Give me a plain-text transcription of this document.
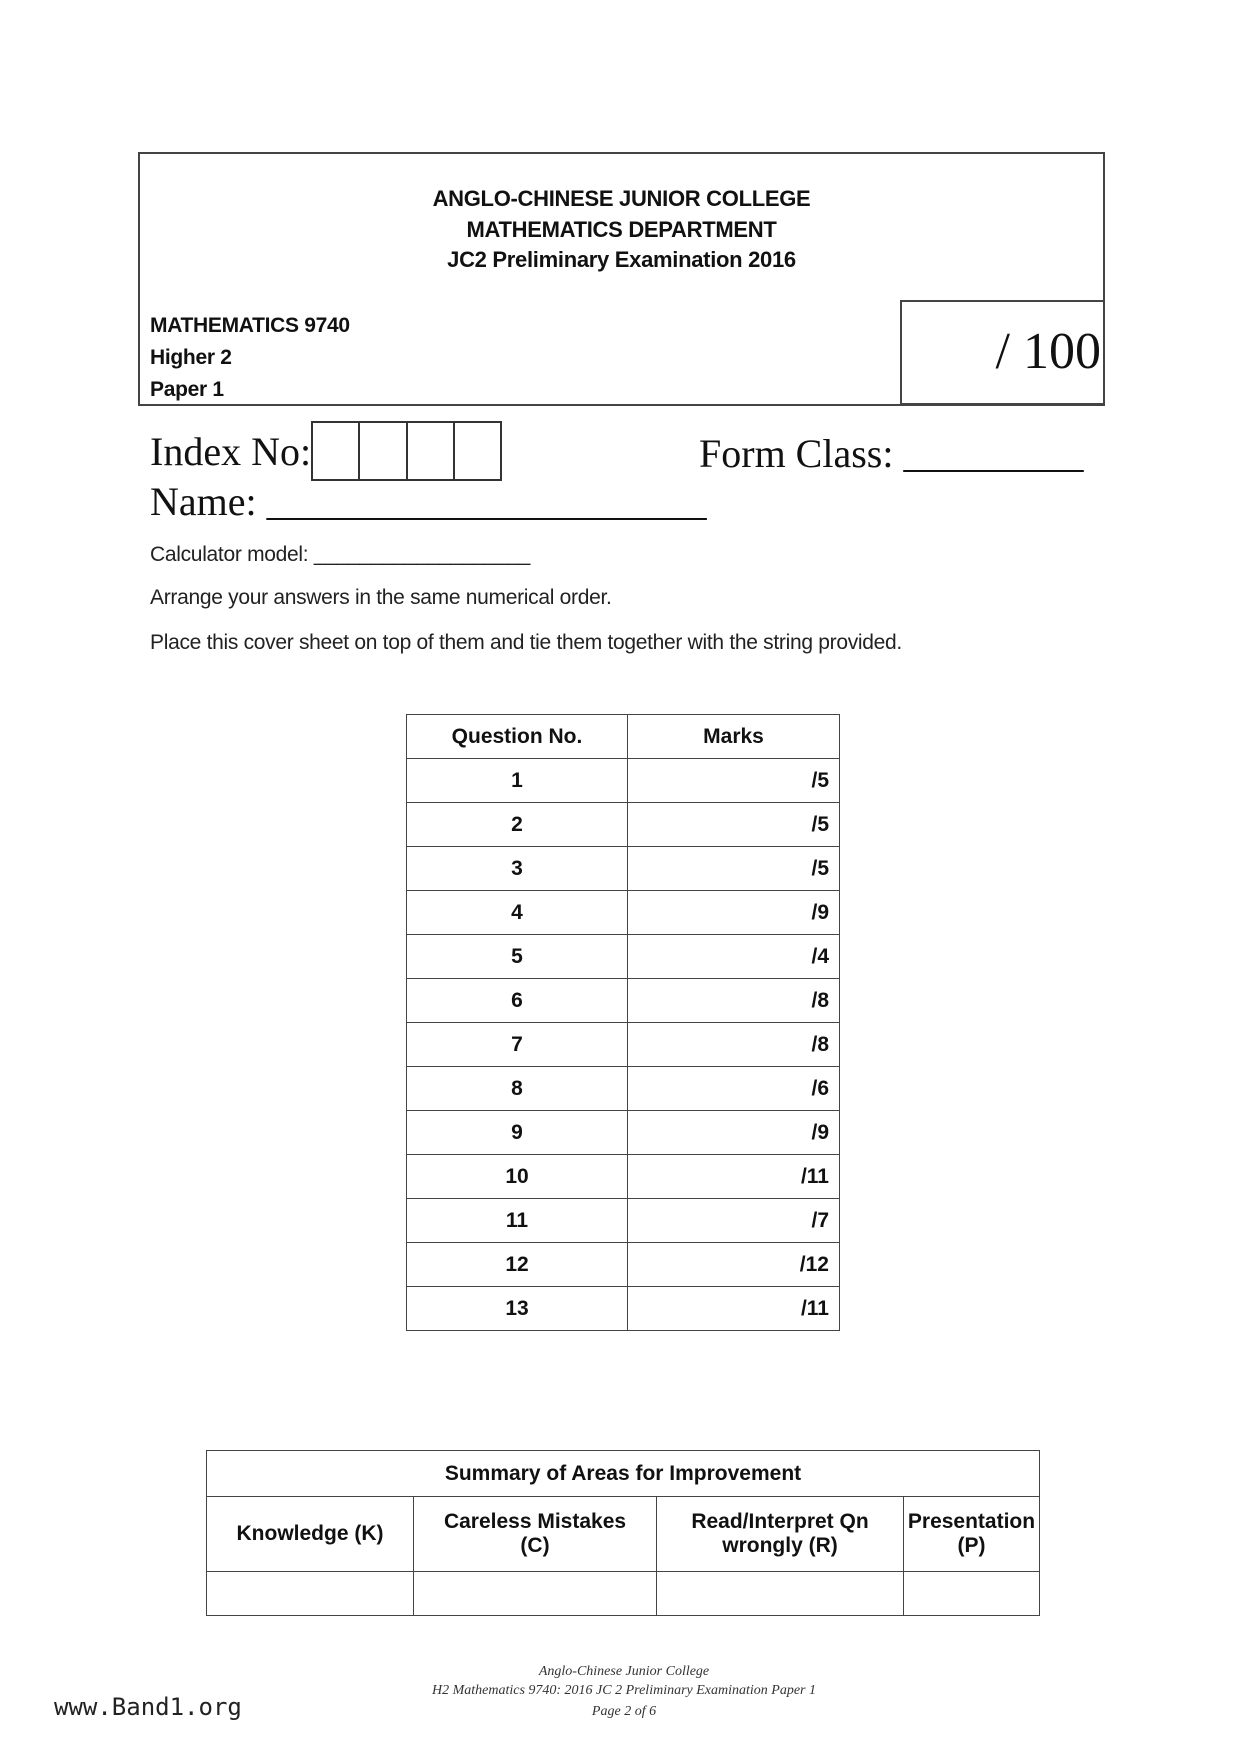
ANGLO-CHINESE JUNIOR COLLEGE
MATHEMATICS DEPARTMENT
JC2 Preliminary Examination 2016
MATHEMATICS 9740
Higher 2
Paper 1
/ 100
Index No:	Form Class: _________
Name: ______________________
Calculator model: ___________________
Arrange your answers in the same numerical order.
Place this cover sheet on top of them and tie them together with the string provided.
Question No.	Marks
1	/5
2	/5
3	/5
4	/9
5	/4
6	/8
7	/8
8	/6
9	/9
10	/11
11	/7
12	/12
13	/11
Summary of Areas for Improvement			
Knowledge (K)	Careless Mistakes (C)	Read/Interpret Qn wrongly (R)	Presentation (P)

Anglo-Chinese Junior College
H2 Mathematics 9740: 2016 JC 2 Preliminary Examination Paper 1
Page 2 of 6
www.Band1.org
